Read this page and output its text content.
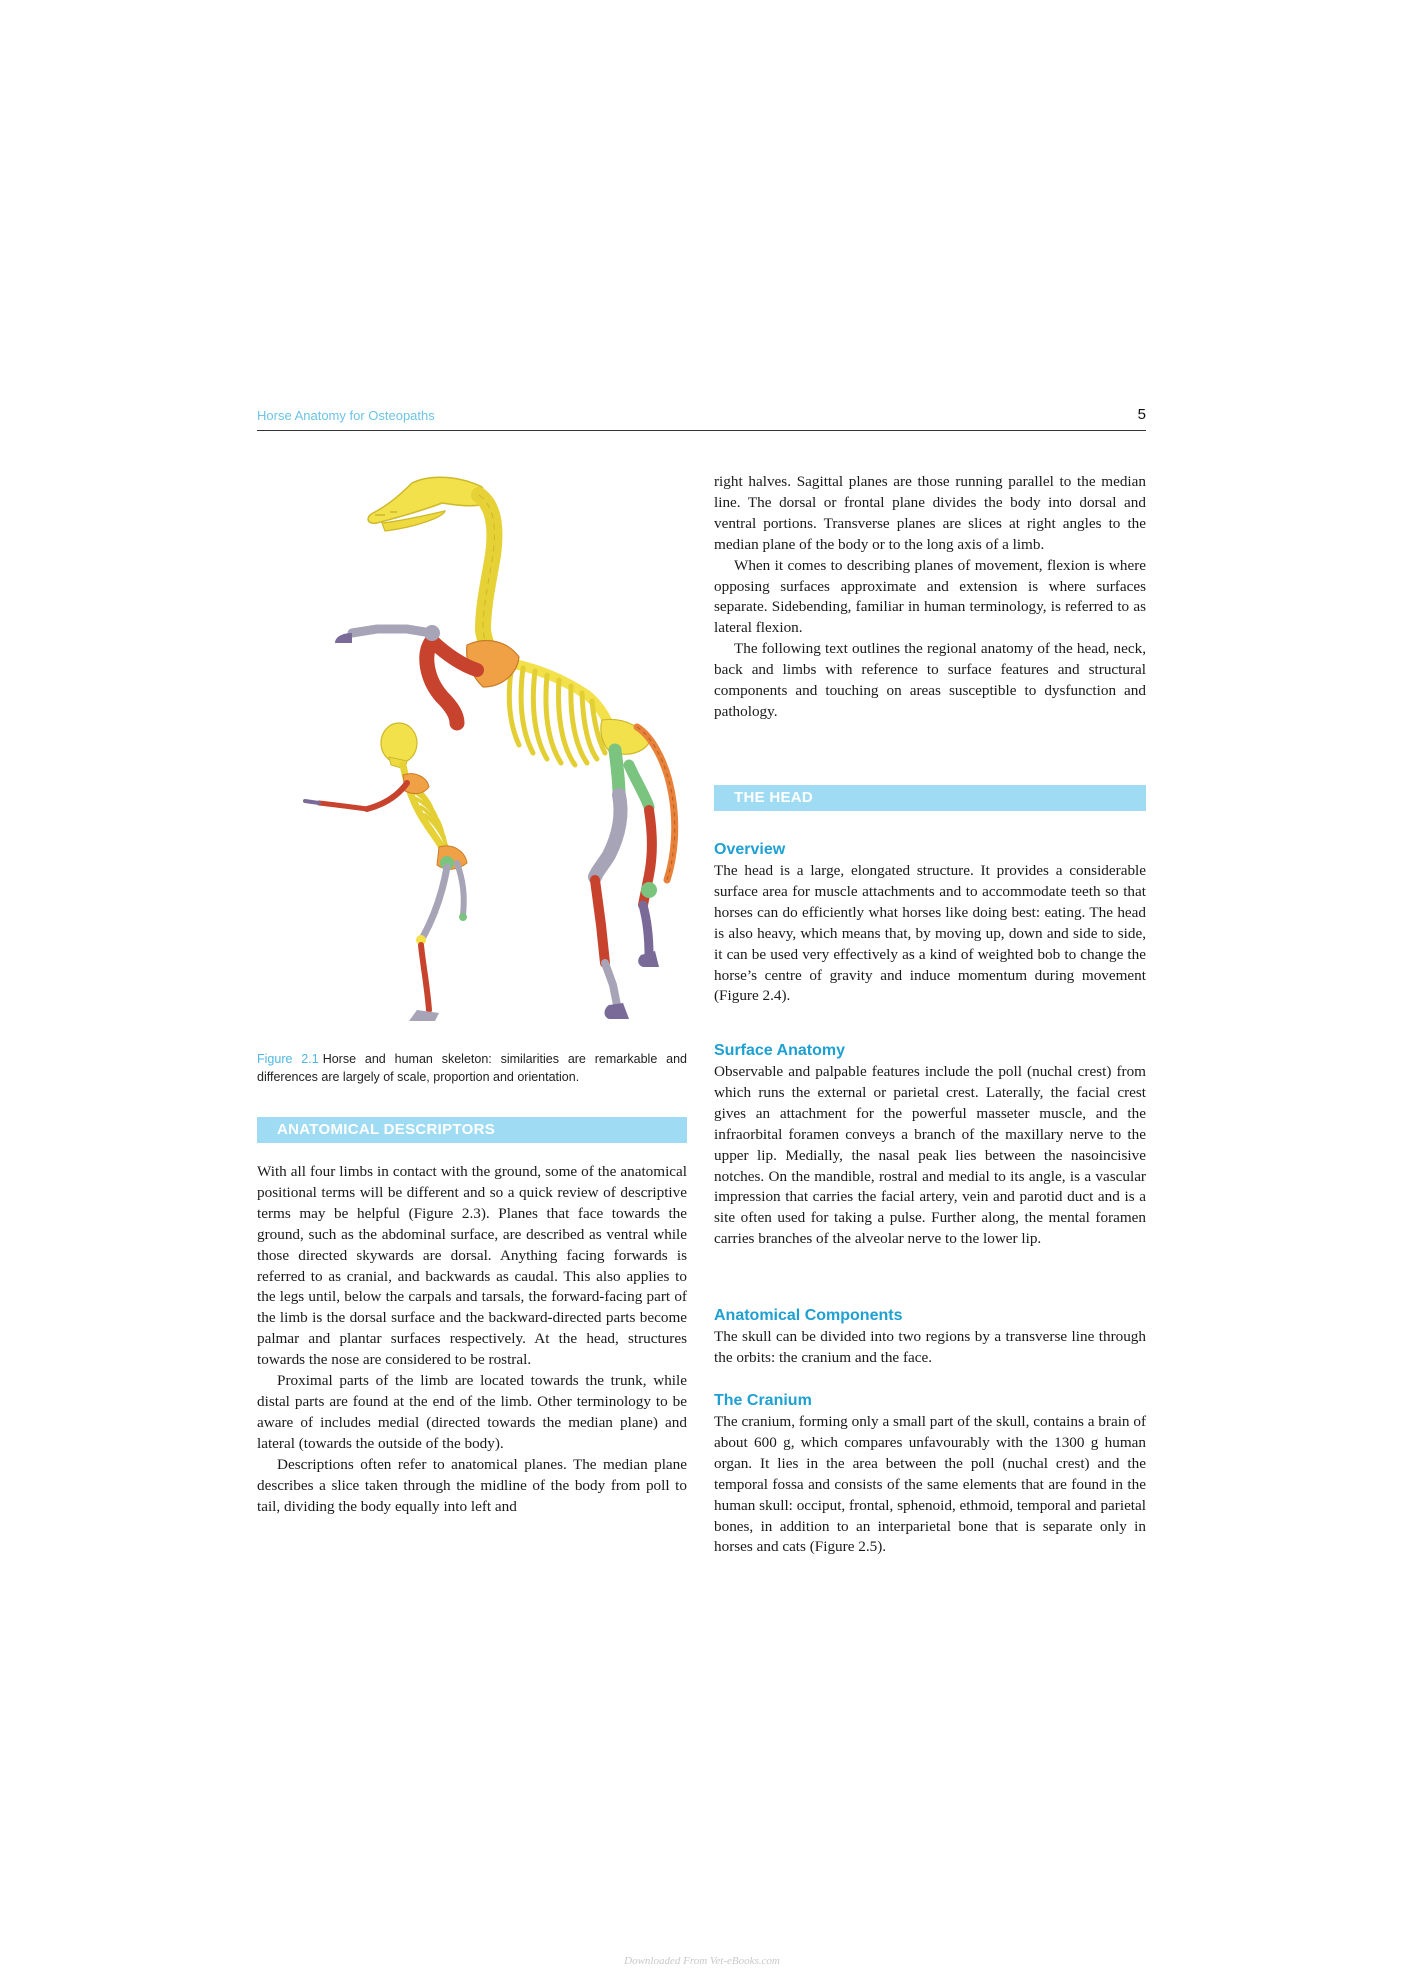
Horse Anatomy for Osteopaths	5
Figure 2.1 Horse and human skeleton: similarities are remarkable and differences are largely of scale, proportion and orientation.
ANATOMICAL DESCRIPTORS

With all four limbs in contact with the ground, some of the anatomical positional terms will be different and so a quick review of descriptive terms may be helpful (Figure 2.3). Planes that face towards the ground, such as the abdominal surface, are described as ventral while those directed skywards are dorsal. Anything facing forwards is referred to as cranial, and backwards as caudal. This also applies to the legs until, below the carpals and tarsals, the forward-facing part of the limb is the dorsal surface and the backward-directed parts become palmar and plantar surfaces respectively. At the head, structures towards the nose are considered to be rostral.

Proximal parts of the limb are located towards the trunk, while distal parts are found at the end of the limb. Other terminology to be aware of includes medial (directed towards the median plane) and lateral (towards the outside of the body).

Descriptions often refer to anatomical planes. The median plane describes a slice taken through the midline of the body from poll to tail, dividing the body equally into left and

right halves. Sagittal planes are those running parallel to the median line. The dorsal or frontal plane divides the body into dorsal and ventral portions. Transverse planes are slices at right angles to the median plane of the body or to the long axis of a limb.

When it comes to describing planes of movement, flexion is where opposing surfaces approximate and extension is where surfaces separate. Sidebending, familiar in human terminology, is referred to as lateral flexion.

The following text outlines the regional anatomy of the head, neck, back and limbs with reference to surface features and structural components and touching on areas susceptible to dysfunction and pathology.

THE HEAD
Overview

The head is a large, elongated structure. It provides a considerable surface area for muscle attachments and to accommodate teeth so that horses can do efficiently what horses like doing best: eating. The head is also heavy, which means that, by moving up, down and side to side, it can be used very effectively as a kind of weighted bob to change the horse’s centre of gravity and induce momentum during movement (Figure 2.4).

Surface Anatomy

Observable and palpable features include the poll (nuchal crest) from which runs the external or parietal crest. Laterally, the facial crest gives an attachment for the powerful masseter muscle, and the infraorbital foramen conveys a branch of the maxillary nerve to the upper lip. Medially, the nasal peak lies between the nasoincisive notches. On the mandible, rostral and medial to its angle, is a vascular impression that carries the facial artery, vein and parotid duct and is a site often used for taking a pulse. Further along, the mental foramen carries branches of the alveolar nerve to the lower lip.

Anatomical Components

The skull can be divided into two regions by a transverse line through the orbits: the cranium and the face.

The Cranium

The cranium, forming only a small part of the skull, contains a brain of about 600 g, which compares unfavourably with the 1300 g human organ. It lies in the area between the poll (nuchal crest) and the temporal fossa and consists of the same elements that are found in the human skull: occiput, frontal, sphenoid, ethmoid, temporal and parietal bones, in addition to an interparietal bone that is separate only in horses and cats (Figure 2.5).

Downloaded From Vet-eBooks.com
